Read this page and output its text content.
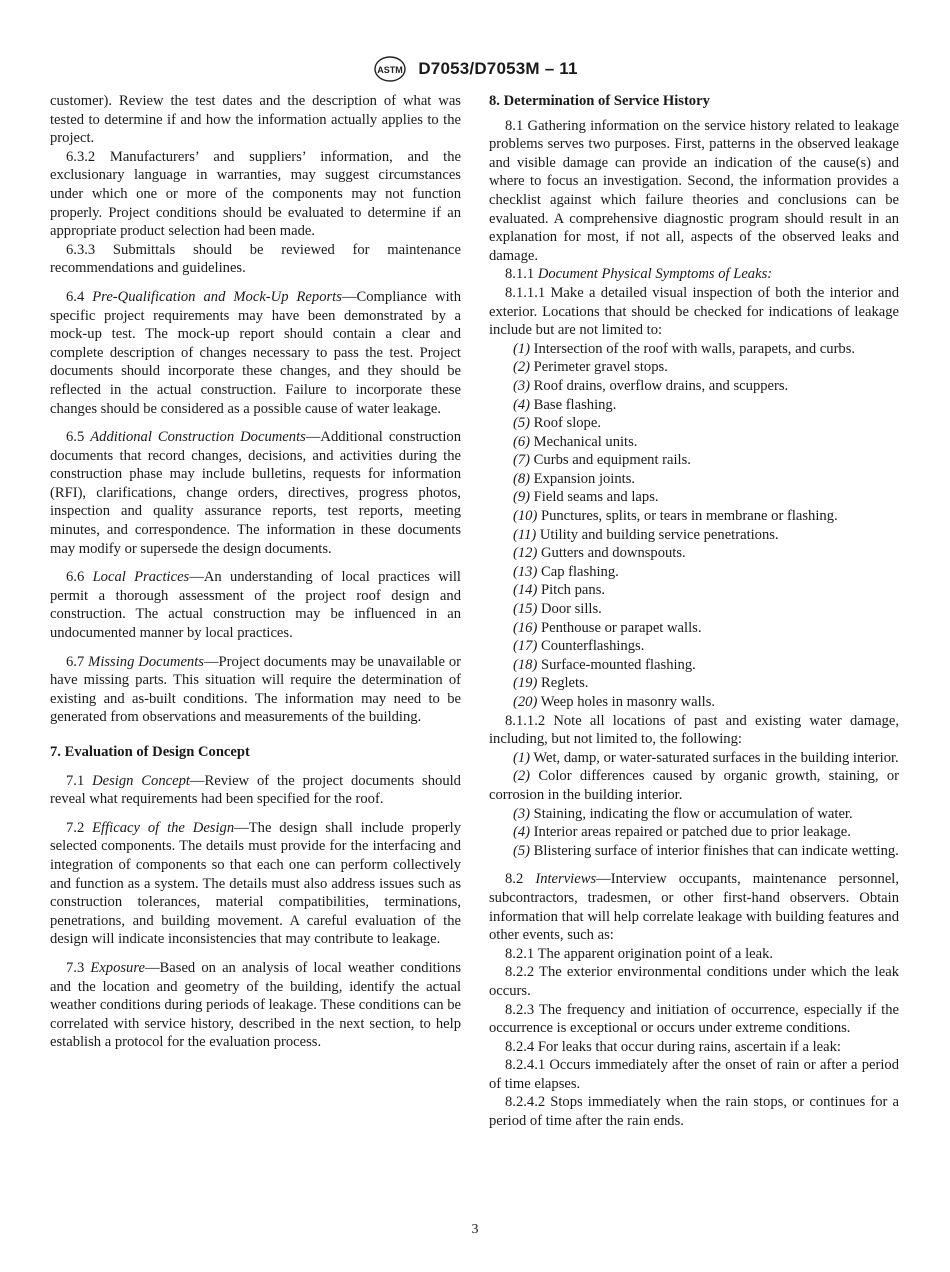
ASTM D7053/D7053M – 11

customer). Review the test dates and the description of what was tested to determine if and how the information actually applies to the project.

6.3.2 Manufacturers’ and suppliers’ information, and the exclusionary language in warranties, may suggest circumstances under which one or more of the components may not function properly. Project conditions should be evaluated to determine if an appropriate product selection had been made.

6.3.3 Submittals should be reviewed for maintenance recommendations and guidelines.

6.4 Pre-Qualification and Mock-Up Reports—Compliance with specific project requirements may have been demonstrated by a mock-up test. The mock-up report should contain a clear and complete description of changes necessary to pass the test. Project documents should incorporate these changes, and they should be reflected in the actual construction. Failure to incorporate these changes should be considered as a possible cause of water leakage.

6.5 Additional Construction Documents—Additional construction documents that record changes, decisions, and activities during the construction phase may include bulletins, requests for information (RFI), clarifications, change orders, directives, progress photos, inspection and quality assurance reports, test reports, meeting minutes, and correspondence. The information in these documents may modify or supersede the design documents.

6.6 Local Practices—An understanding of local practices will permit a thorough assessment of the project roof design and construction. The actual construction may be influenced in an undocumented manner by local practices.

6.7 Missing Documents—Project documents may be unavailable or have missing parts. This situation will require the determination of existing and as-built conditions. The information may need to be generated from observations and measurements of the building.

7. Evaluation of Design Concept

7.1 Design Concept—Review of the project documents should reveal what requirements had been specified for the roof.

7.2 Efficacy of the Design—The design shall include properly selected components. The details must provide for the interfacing and integration of components so that each one can perform collectively and function as a system. The details must also address issues such as construction tolerances, material compatibilities, terminations, penetrations, and building movement. A careful evaluation of the design will indicate inconsistencies that may contribute to leakage.

7.3 Exposure—Based on an analysis of local weather conditions and the location and geometry of the building, identify the actual weather conditions during periods of leakage. These conditions can be correlated with service history, described in the next section, to help establish a protocol for the evaluation process.

8. Determination of Service History

8.1 Gathering information on the service history related to leakage problems serves two purposes. First, patterns in the observed leakage and visible damage can provide an indication of the cause(s) and where to focus an investigation. Second, the information provides a checklist against which failure theories and conclusions can be evaluated. A comprehensive diagnostic program should result in an explanation for most, if not all, aspects of the observed leaks and damage.

8.1.1 Document Physical Symptoms of Leaks:

8.1.1.1 Make a detailed visual inspection of both the interior and exterior. Locations that should be checked for indications of leakage include but are not limited to:

(1) Intersection of the roof with walls, parapets, and curbs.

(2) Perimeter gravel stops.

(3) Roof drains, overflow drains, and scuppers.

(4) Base flashing.

(5) Roof slope.

(6) Mechanical units.

(7) Curbs and equipment rails.

(8) Expansion joints.

(9) Field seams and laps.

(10) Punctures, splits, or tears in membrane or flashing.

(11) Utility and building service penetrations.

(12) Gutters and downspouts.

(13) Cap flashing.

(14) Pitch pans.

(15) Door sills.

(16) Penthouse or parapet walls.

(17) Counterflashings.

(18) Surface-mounted flashing.

(19) Reglets.

(20) Weep holes in masonry walls.

8.1.1.2 Note all locations of past and existing water damage, including, but not limited to, the following:

(1) Wet, damp, or water-saturated surfaces in the building interior.

(2) Color differences caused by organic growth, staining, or corrosion in the building interior.

(3) Staining, indicating the flow or accumulation of water.

(4) Interior areas repaired or patched due to prior leakage.

(5) Blistering surface of interior finishes that can indicate wetting.

8.2 Interviews—Interview occupants, maintenance personnel, subcontractors, tradesmen, or other first-hand observers. Obtain information that will help correlate leakage with building features and other events, such as:

8.2.1 The apparent origination point of a leak.

8.2.2 The exterior environmental conditions under which the leak occurs.

8.2.3 The frequency and initiation of occurrence, especially if the occurrence is exceptional or occurs under extreme conditions.

8.2.4 For leaks that occur during rains, ascertain if a leak:

8.2.4.1 Occurs immediately after the onset of rain or after a period of time elapses.

8.2.4.2 Stops immediately when the rain stops, or continues for a period of time after the rain ends.

3
